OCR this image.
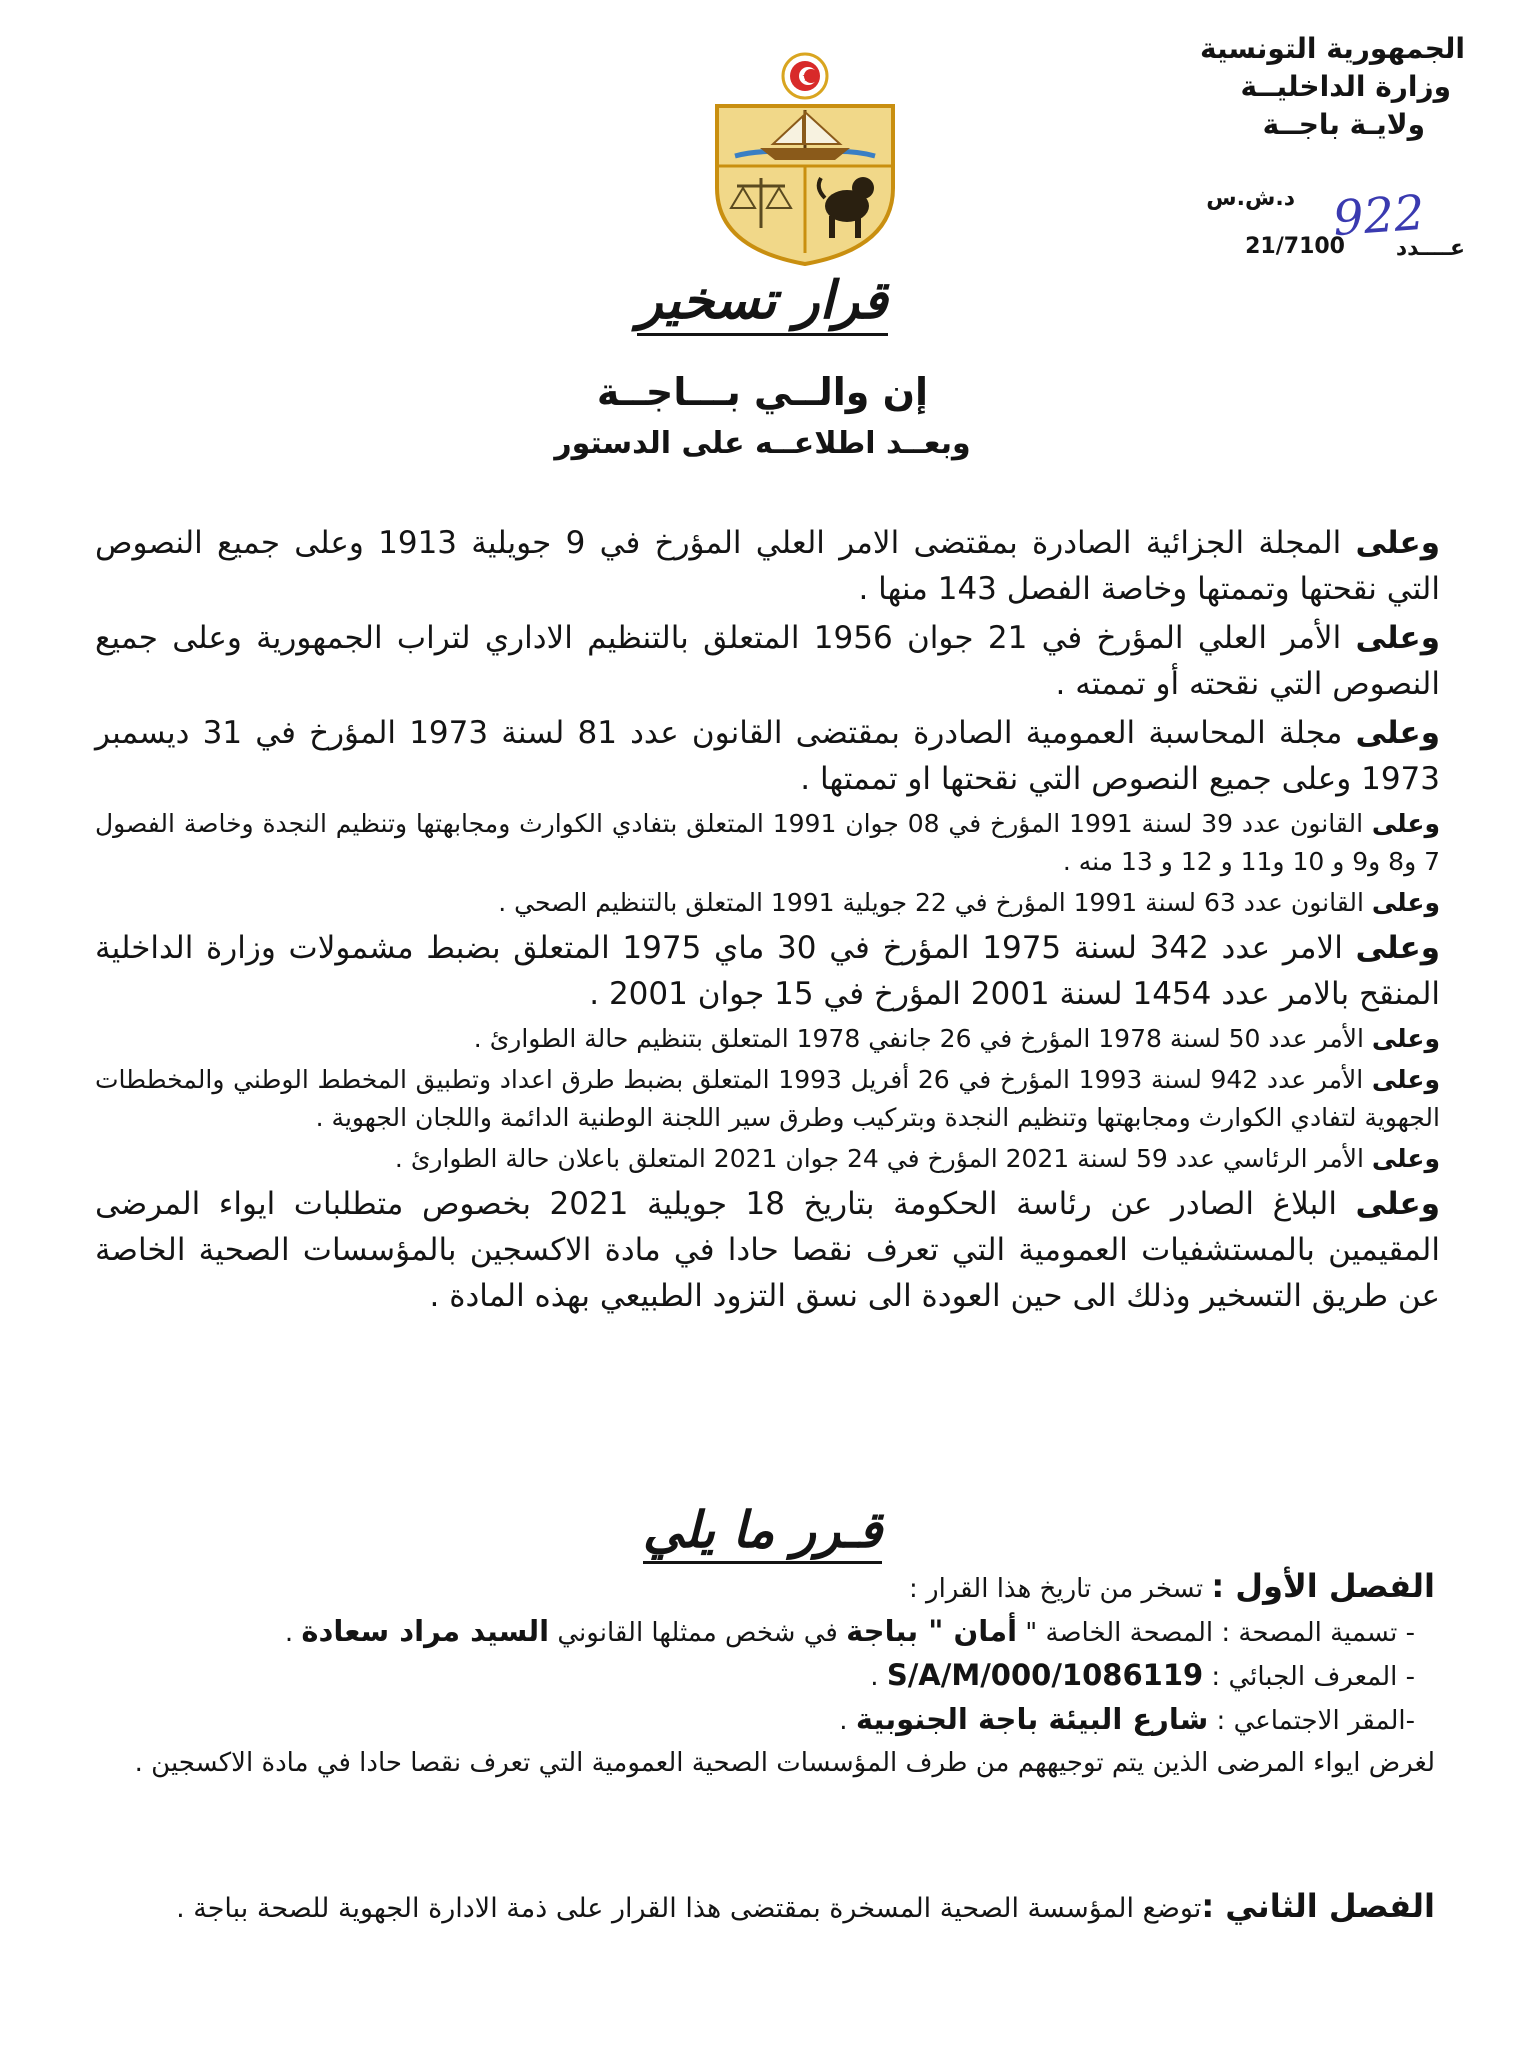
الجمهورية التونسية
وزارة الداخليــة
ولايـة باجــة
د.ش.س 922
عــــدد
21/7100
قرار تسخير
إن والــي بـــاجــة
وبعــد اطلاعــه على الدستور

وعلى المجلة الجزائية الصادرة بمقتضى الامر العلي المؤرخ في 9 جويلية 1913 وعلى جميع النصوص التي نقحتها وتممتها وخاصة الفصل 143 منها .

وعلى الأمر العلي المؤرخ في 21 جوان 1956 المتعلق بالتنظيم الاداري لتراب الجمهورية وعلى جميع النصوص التي نقحته أو تممته .

وعلى مجلة المحاسبة العمومية الصادرة بمقتضى القانون عدد 81 لسنة 1973 المؤرخ في 31 ديسمبر 1973 وعلى جميع النصوص التي نقحتها او تممتها .

وعلى القانون عدد 39 لسنة 1991 المؤرخ في 08 جوان 1991 المتعلق بتفادي الكوارث ومجابهتها وتنظيم النجدة وخاصة الفصول 7 و8 و9 و 10 و11 و 12 و 13 منه .

وعلى القانون عدد 63 لسنة 1991 المؤرخ في 22 جويلية 1991 المتعلق بالتنظيم الصحي .

وعلى الامر عدد 342 لسنة 1975 المؤرخ في 30 ماي 1975 المتعلق بضبط مشمولات وزارة الداخلية المنقح بالامر عدد 1454 لسنة 2001 المؤرخ في 15 جوان 2001 .

وعلى الأمر عدد 50 لسنة 1978 المؤرخ في 26 جانفي 1978 المتعلق بتنظيم حالة الطوارئ .

وعلى الأمر عدد 942 لسنة 1993 المؤرخ في 26 أفريل 1993 المتعلق بضبط طرق اعداد وتطبيق المخطط الوطني والمخططات الجهوية لتفادي الكوارث ومجابهتها وتنظيم النجدة وبتركيب وطرق سير اللجنة الوطنية الدائمة واللجان الجهوية .

وعلى الأمر الرئاسي عدد 59 لسنة 2021 المؤرخ في 24 جوان 2021 المتعلق باعلان حالة الطوارئ .

وعلى البلاغ الصادر عن رئاسة الحكومة بتاريخ 18 جويلية 2021 بخصوص متطلبات ايواء المرضى المقيمين بالمستشفيات العمومية التي تعرف نقصا حادا في مادة الاكسجين بالمؤسسات الصحية الخاصة عن طريق التسخير وذلك الى حين العودة الى نسق التزود الطبيعي بهذه المادة .

قـرر ما يلي
الفصل الأول : تسخر من تاريخ هذا القرار :
- تسمية المصحة : المصحة الخاصة " أمان " بباجة في شخص ممثلها القانوني السيد مراد سعادة .
- المعرف الجبائي : 1086119/S/A/M/000 .
-المقر الاجتماعي : شارع البيئة باجة الجنوبية .
لغرض ايواء المرضى الذين يتم توجيههم من طرف المؤسسات الصحية العمومية التي تعرف نقصا حادا في مادة الاكسجين .
الفصل الثاني :توضع المؤسسة الصحية المسخرة بمقتضى هذا القرار على ذمة الادارة الجهوية للصحة بباجة .
